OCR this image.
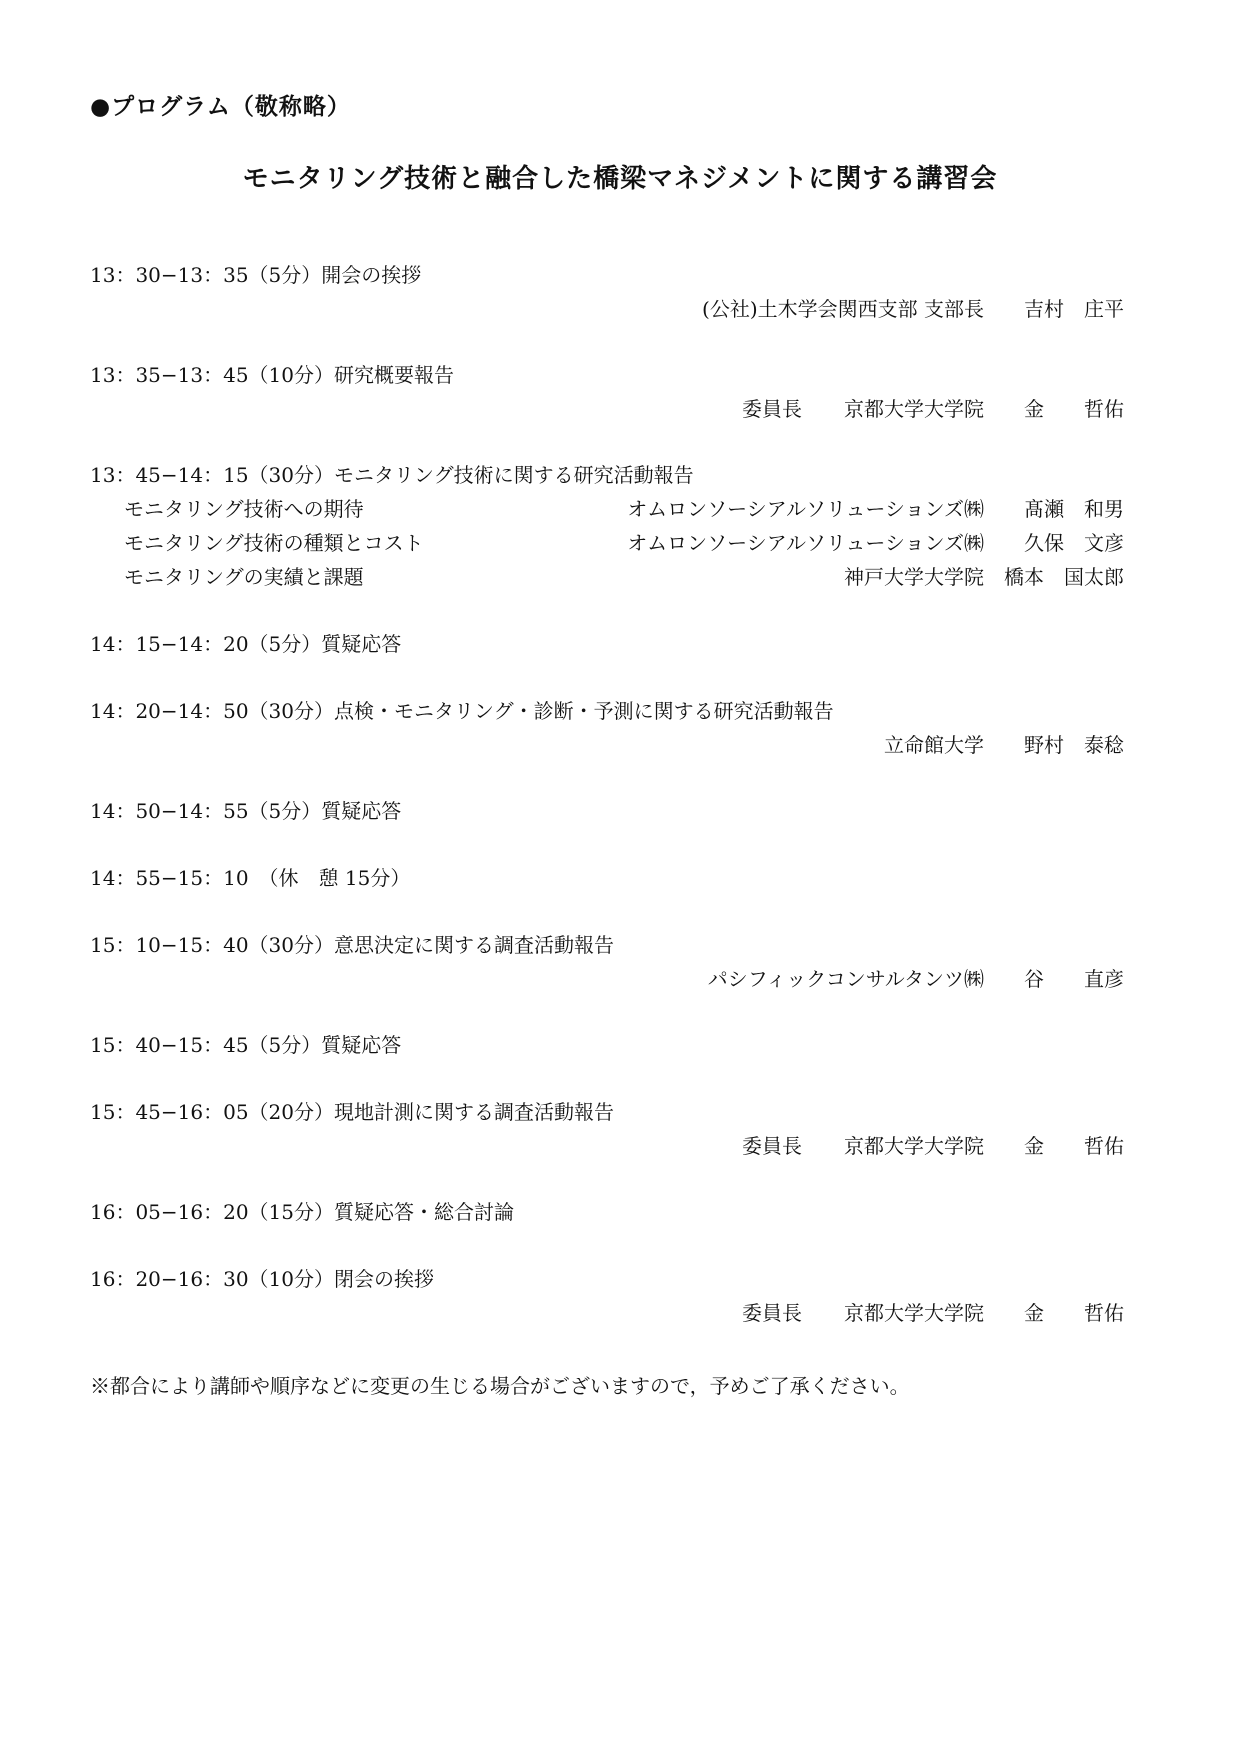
●プログラム（敬称略）
モニタリング技術と融合した橋梁マネジメントに関する講習会
13：30−13：35（5分）開会の挨拶
(公社)土木学会関西支部 支部長 吉村　庄平
13：35−13：45（10分）研究概要報告
委員長 京都大学大学院 金　　哲佑
13：45−14：15（30分）モニタリング技術に関する研究活動報告
モニタリング技術への期待	オムロンソーシアルソリューションズ㈱ 髙瀬　和男
モニタリング技術の種類とコスト	オムロンソーシアルソリューションズ㈱ 久保　文彦
モニタリングの実績と課題	神戸大学大学院 橋本　国太郎
14：15−14：20（5分）質疑応答
14：20−14：50（30分）点検・モニタリング・診断・予測に関する研究活動報告
立命館大学 野村　泰稔
14：50−14：55（5分）質疑応答
14：55−15：10　（休　憩 15分）
15：10−15：40（30分）意思決定に関する調査活動報告
パシフィックコンサルタンツ㈱ 谷　　直彦
15：40−15：45（5分）質疑応答
15：45−16：05（20分）現地計測に関する調査活動報告
委員長 京都大学大学院 金　　哲佑
16：05−16：20（15分）質疑応答・総合討論
16：20−16：30（10分）閉会の挨拶
委員長 京都大学大学院 金　　哲佑
※都合により講師や順序などに変更の生じる場合がございますので，予めご了承ください。
